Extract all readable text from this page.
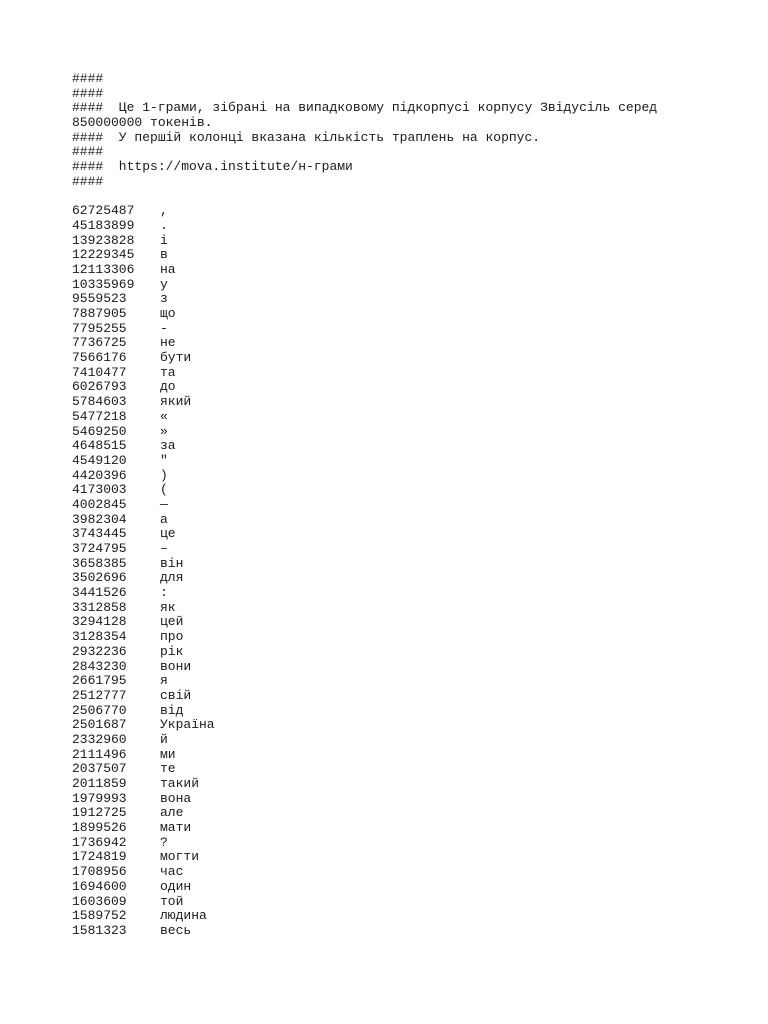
####
####
####  Це 1-грами, зібрані на випадковому підкорпусі корпусу Звідусіль серед 850000000 токенів.
####  У першій колонці вказана кількість траплень на корпус.
####
####  https://mova.institute/н-грами
####
62725487	,
45183899	.
13923828	і
12229345	в
12113306	на
10335969	у
9559523	з
7887905	що
7795255	-
7736725	не
7566176	бути
7410477	та
6026793	до
5784603	який
5477218	«
5469250	»
4648515	за
4549120	"
4420396	)
4173003	(
4002845	—
3982304	а
3743445	це
3724795	–
3658385	він
3502696	для
3441526	:
3312858	як
3294128	цей
3128354	про
2932236	рік
2843230	вони
2661795	я
2512777	свій
2506770	від
2501687	Україна
2332960	й
2111496	ми
2037507	те
2011859	такий
1979993	вона
1912725	але
1899526	мати
1736942	?
1724819	могти
1708956	час
1694600	один
1603609	той
1589752	людина
1581323	весь
